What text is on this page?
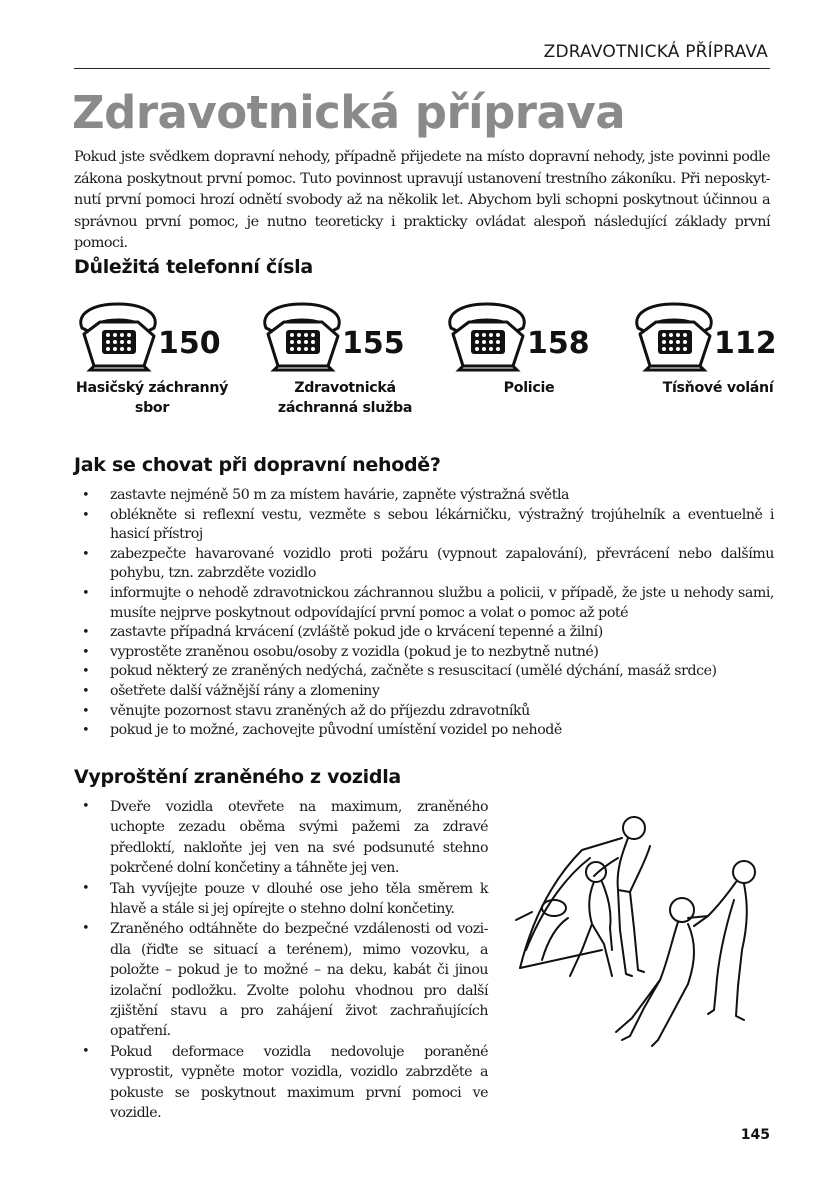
ZDRAVOTNICKÁ PŘÍPRAVA
Zdravotnická příprava

Pokud jste svědkem dopravní nehody, případně přijedete na místo dopravní nehody, jste povinni podle zákona poskytnout první pomoc. Tuto povinnost upravují ustanovení trestního zákoníku. Při neposkyt-nutí první pomoci hrozí odnětí svobody až na několik let. Abychom byli schopni poskytnout účinnou a správnou první pomoc, je nutno teoreticky i prakticky ovládat alespoň následující základy první pomoci.

Důležitá telefonní čísla
150
Hasičský záchranný sbor
155
Zdravotnická záchranná služba
158
Policie
112
Tísňové volání
Jak se chovat při dopravní nehodě?
• zastavte nejméně 50 m za místem havárie, zapněte výstražná světla
• oblékněte si reflexní vestu, vezměte s sebou lékárničku, výstražný trojúhelník a eventuelně i hasicí přístroj
• zabezpečte havarované vozidlo proti požáru (vypnout zapalování), převrácení nebo dalšímu pohybu, tzn. zabrzděte vozidlo
• informujte o nehodě zdravotnickou záchrannou službu a policii, v případě, že jste u nehody sami, musíte nejprve poskytnout odpovídající první pomoc a volat o pomoc až poté
• zastavte případná krvácení (zvláště pokud jde o krvácení tepenné a žilní)
• vyprostěte zraněnou osobu/osoby z vozidla (pokud je to nezbytně nutné)
• pokud některý ze zraněných nedýchá, začněte s resuscitací (umělé dýchání, masáž srdce)
• ošetřete další vážnější rány a zlomeniny
• věnujte pozornost stavu zraněných až do příjezdu zdravotníků
• pokud je to možné, zachovejte původní umístění vozidel po nehodě
Vyproštění zraněného z vozidla
• Dveře vozidla otevřete na maximum, zraněného uchopte zezadu oběma svými pažemi za zdravé předloktí, nakloňte jej ven na své podsunuté stehno pokrčené dolní končetiny a táhněte jej ven.
• Tah vyvíjejte pouze v dlouhé ose jeho těla směrem k hlavě a stále si jej opírejte o stehno dolní končetiny.
• Zraněného odtáhněte do bezpečné vzdálenosti od vozi-dla (řiďte se situací a terénem), mimo vozovku, a položte – pokud je to možné – na deku, kabát či jinou izolační podložku. Zvolte polohu vhodnou pro další zjištění stavu a pro zahájení život zachraňujících opatření.
• Pokud deformace vozidla nedovoluje poraněné vyprostit, vypněte motor vozidla, vozidlo zabrzděte a pokuste se poskytnout maximum první pomoci ve vozidle.
145
